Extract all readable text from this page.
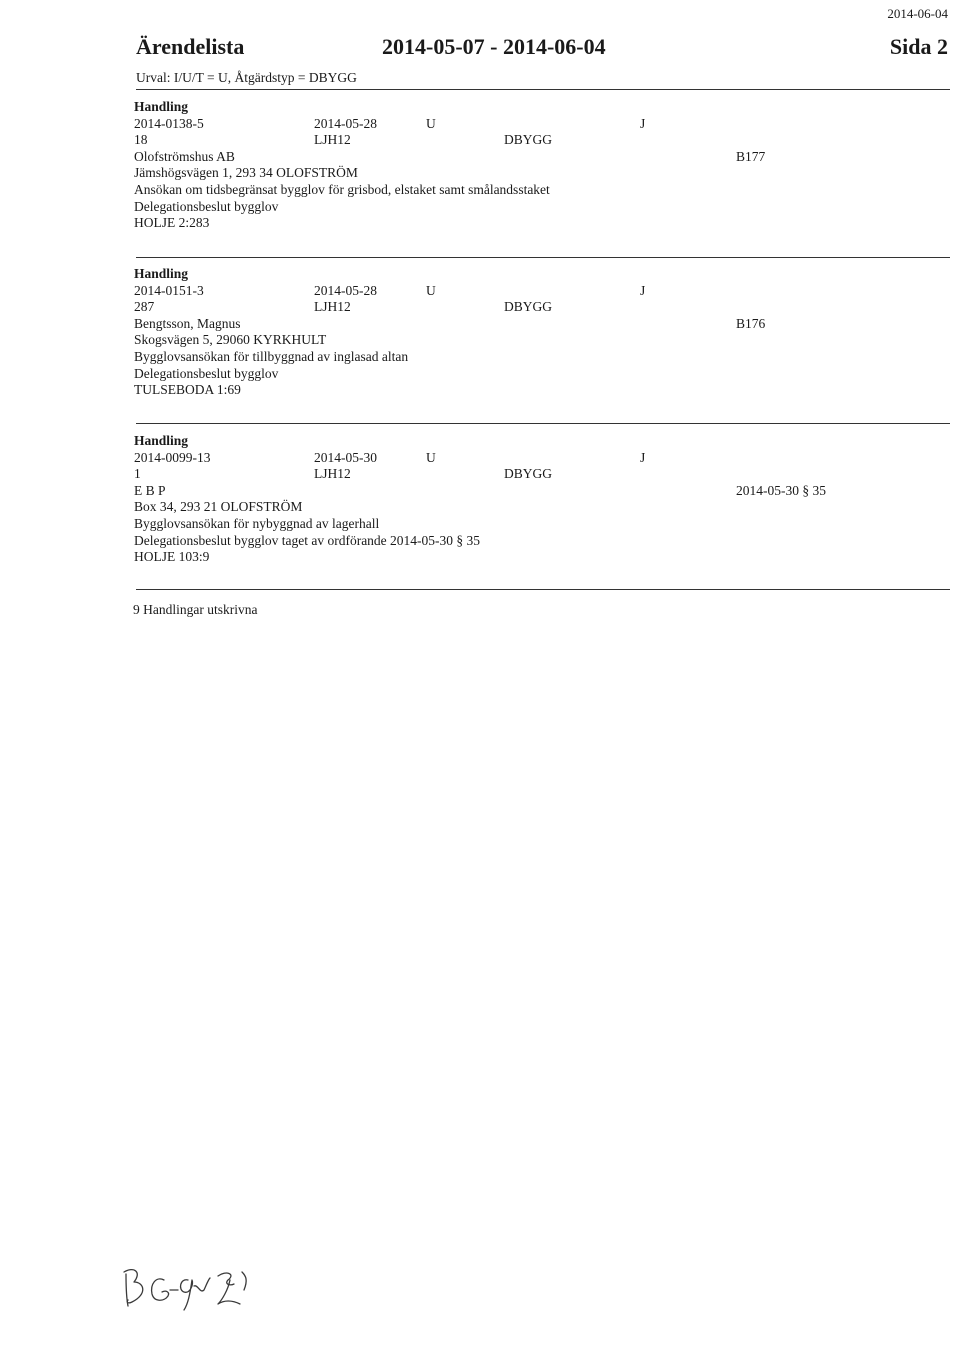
2014-06-04
Ärendelista	2014-05-07 - 2014-06-04	Sida 2
Urval: I/U/T = U, Åtgärdstyp = DBYGG
Handling
2014-0138-5	2014-05-28	U	J
18	LJH12	DBYGG
Olofströmshus AB	B177
Jämshögsvägen 1, 293 34 OLOFSTRÖM
Ansökan om tidsbegränsat bygglov för grisbod, elstaket samt smålandsstaket
Delegationsbeslut bygglov
HOLJE 2:283
Handling
2014-0151-3	2014-05-28	U	J
287	LJH12	DBYGG
Bengtsson, Magnus	B176
Skogsvägen 5, 29060 KYRKHULT
Bygglovsansökan för tillbyggnad av inglasad altan
Delegationsbeslut bygglov
TULSEBODA 1:69
Handling
2014-0099-13	2014-05-30	U	J
1	LJH12	DBYGG
E B P	2014-05-30 § 35
Box 34, 293 21 OLOFSTRÖM
Bygglovsansökan för nybyggnad av lagerhall
Delegationsbeslut bygglov taget av ordförande 2014-05-30 § 35
HOLJE 103:9
9 Handlingar utskrivna
